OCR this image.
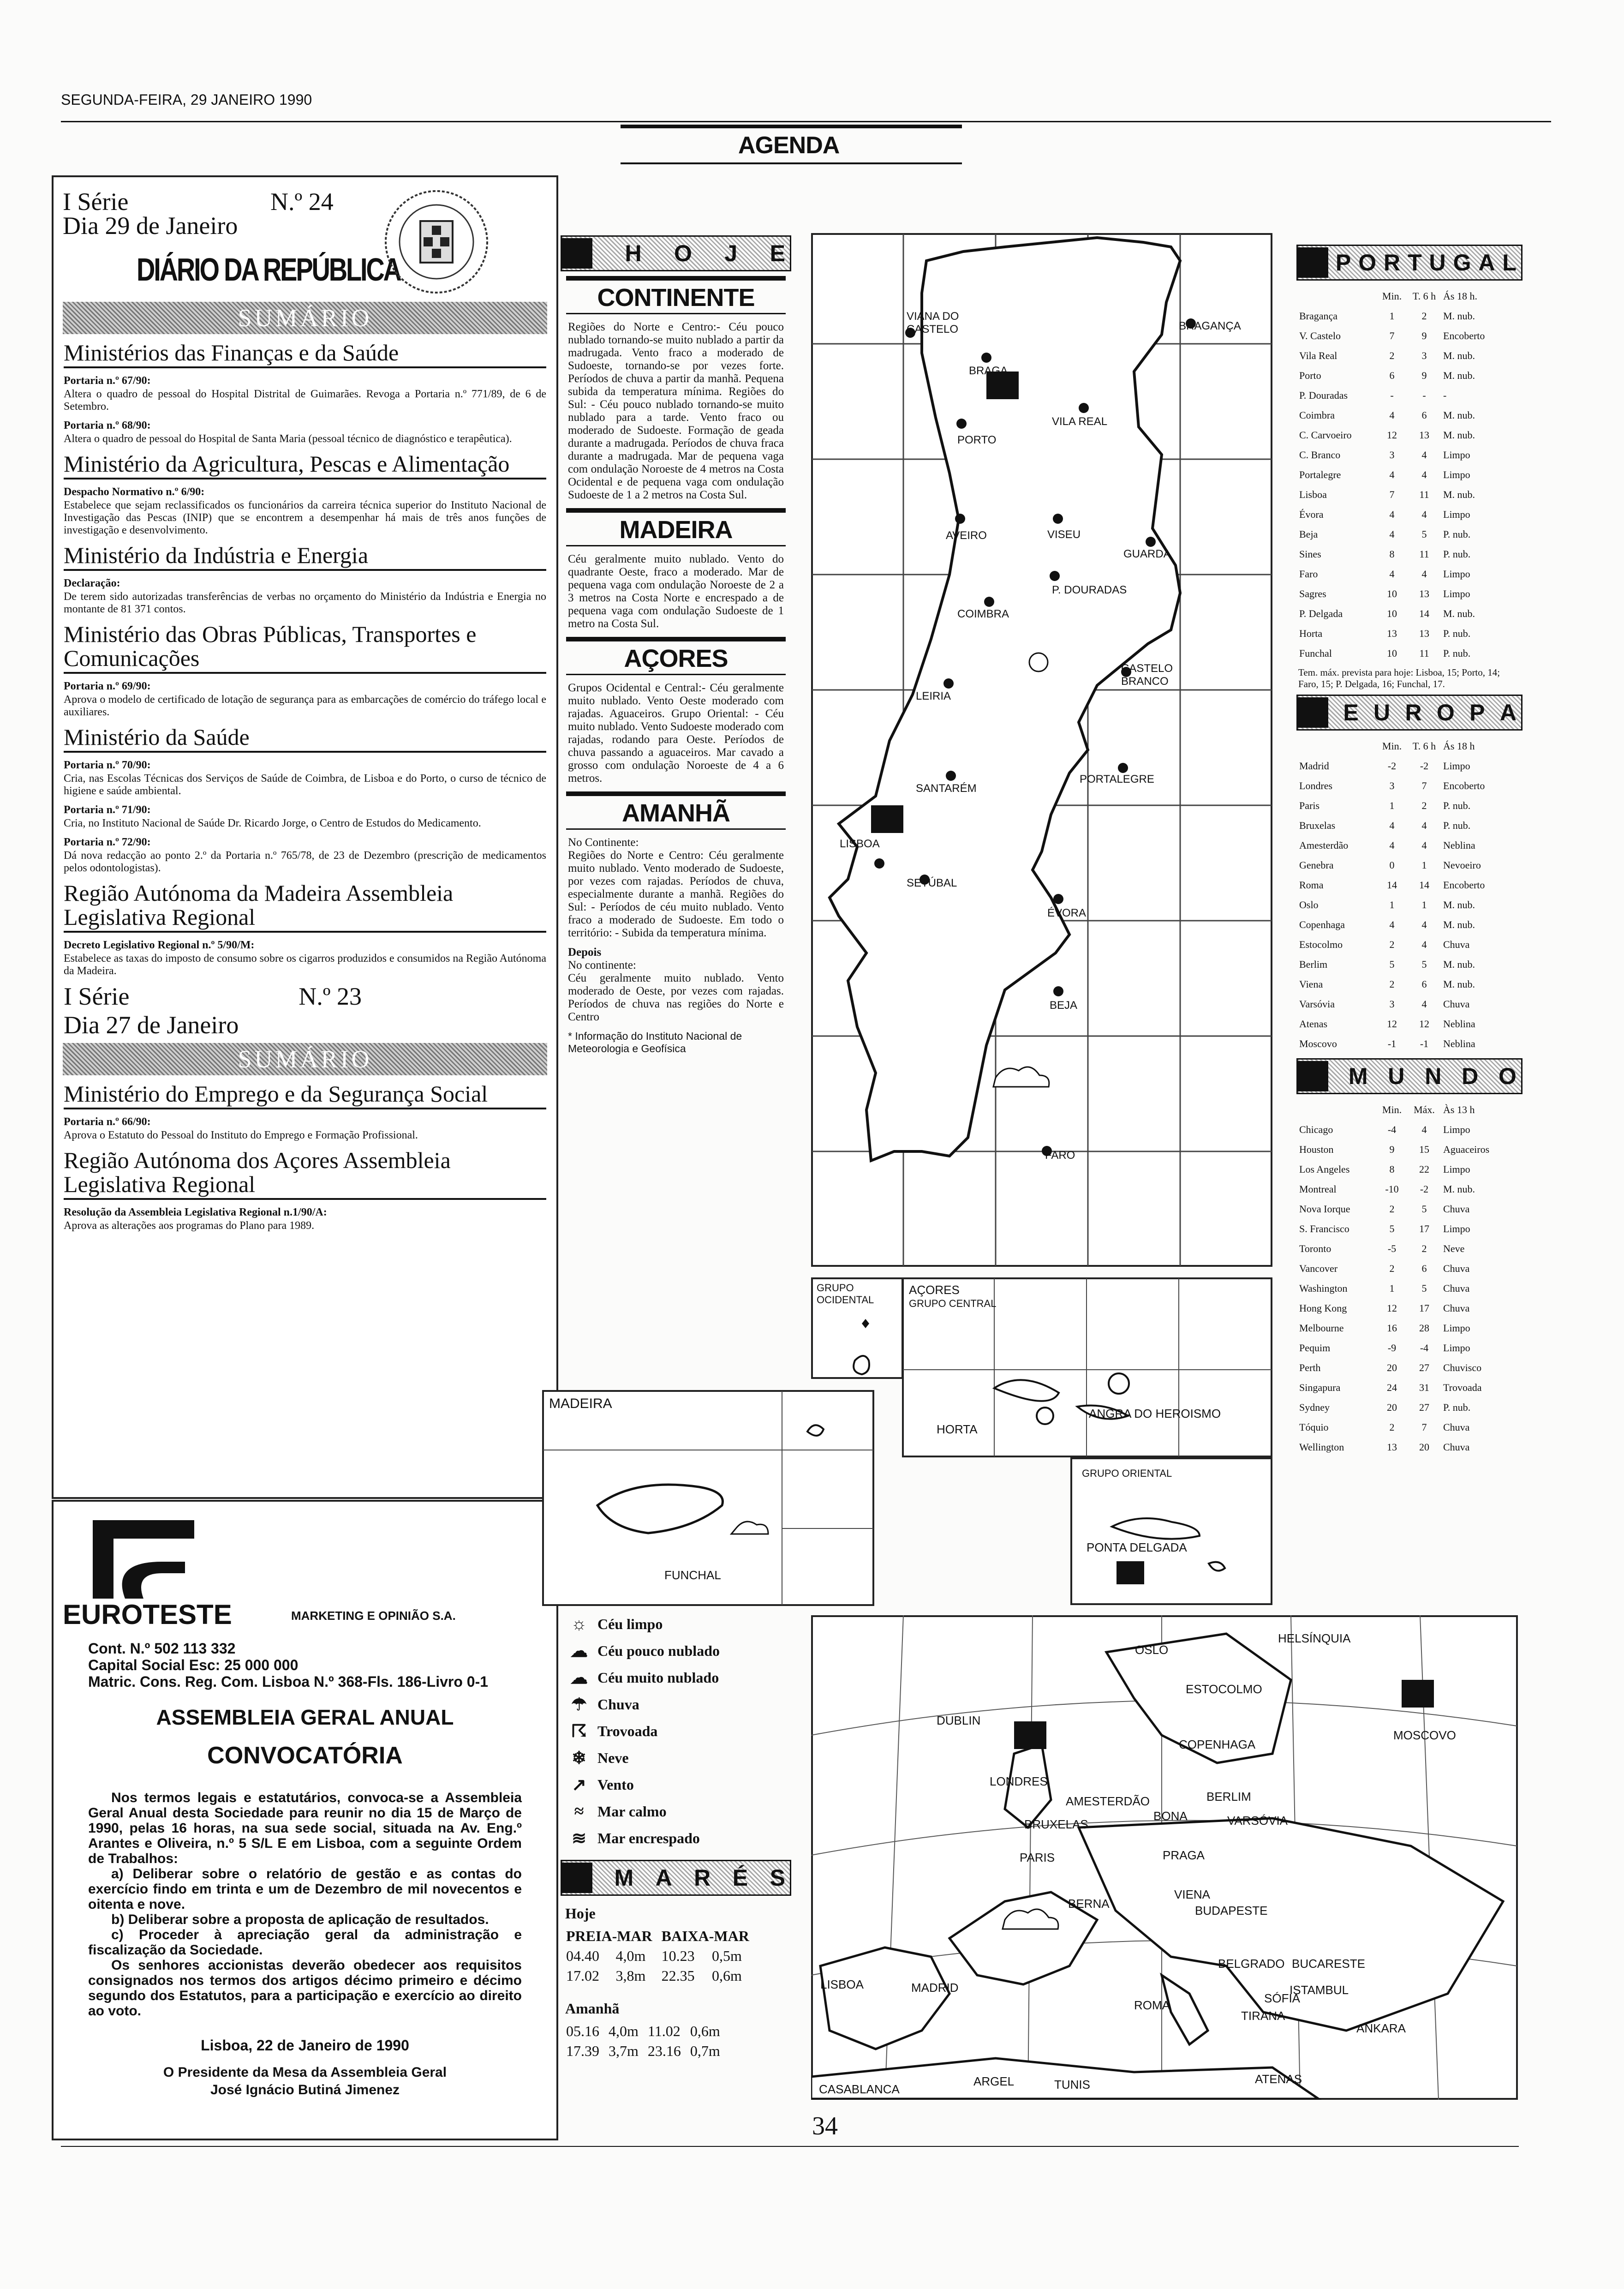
SEGUNDA-FEIRA, 29 JANEIRO 1990
AGENDA
I Série	N.º 24
Dia 29 de Janeiro
DIÁRIO DA REPÚBLICA
SUMÁRIO
Ministérios das Finanças e da Saúde
Portaria n.º 67/90:
Altera o quadro de pessoal do Hospital Distrital de Guimarães. Revoga a Portaria n.º 771/89, de 6 de Setembro.
Portaria n.º 68/90:
Altera o quadro de pessoal do Hospital de Santa Maria (pessoal técnico de diagnóstico e terapêutica).
Ministério da Agricultura, Pescas e Alimentação
Despacho Normativo n.º 6/90:
Estabelece que sejam reclassificados os funcionários da carreira técnica superior do Instituto Nacional de Investigação das Pescas (INIP) que se encontrem a desempenhar há mais de três anos funções de investigação e desenvolvimento.
Ministério da Indústria e Energia
Declaração:
De terem sido autorizadas transferências de verbas no orçamento do Ministério da Indústria e Energia no montante de 81 371 contos.
Ministério das Obras Públicas, Transportes e Comunicações
Portaria n.º 69/90:
Aprova o modelo de certificado de lotação de segurança para as embarcações de comércio do tráfego local e auxiliares.
Ministério da Saúde
Portaria n.º 70/90:
Cria, nas Escolas Técnicas dos Serviços de Saúde de Coimbra, de Lisboa e do Porto, o curso de técnico de higiene e saúde ambiental.
Portaria n.º 71/90:
Cria, no Instituto Nacional de Saúde Dr. Ricardo Jorge, o Centro de Estudos do Medicamento.
Portaria n.º 72/90:
Dá nova redacção ao ponto 2.º da Portaria n.º 765/78, de 23 de Dezembro (prescrição de medicamentos pelos odontologistas).
Região Autónoma da Madeira Assembleia Legislativa Regional
Decreto Legislativo Regional n.º 5/90/M:
Estabelece as taxas do imposto de consumo sobre os cigarros produzidos e consumidos na Região Autónoma da Madeira.
I Série	N.º 23
Dia 27 de Janeiro
SUMÁRIO
Ministério do Emprego e da Segurança Social
Portaria n.º 66/90:
Aprova o Estatuto do Pessoal do Instituto do Emprego e Formação Profissional.
Região Autónoma dos Açores Assembleia Legislativa Regional
Resolução da Assembleia Legislativa Regional n.1/90/A:
Aprova as alterações aos programas do Plano para 1989.
EUROTESTE	MARKETING E OPINIÃO S.A.
Cont. N.º 502 113 332
Capital Social Esc: 25 000 000
Matric. Cons. Reg. Com. Lisboa N.º 368-Fls. 186-Livro 0-1
ASSEMBLEIA GERAL ANUAL
CONVOCATÓRIA
Nos termos legais e estatutários, convoca-se a Assembleia Geral Anual desta Sociedade para reunir no dia 15 de Março de 1990, pelas 16 horas, na sua sede social, situada na Av. Eng.º Arantes e Oliveira, n.º 5 S/L E em Lisboa, com a seguinte Ordem de Trabalhos:
a) Deliberar sobre o relatório de gestão e as contas do exercício findo em trinta e um de Dezembro de mil novecentos e oitenta e nove.
b) Deliberar sobre a proposta de aplicação de resultados.
c) Proceder à apreciação geral da administração e fiscalização da Sociedade.
Os senhores accionistas deverão obedecer aos requisitos consignados nos termos dos artigos décimo primeiro e décimo segundo dos Estatutos, para a participação e exercício ao direito ao voto.
Lisboa, 22 de Janeiro de 1990
O Presidente da Mesa da Assembleia Geral
José Ignácio Butiná Jimenez
H O J E
CONTINENTE
Regiões do Norte e Centro:- Céu pouco nublado tornando-se muito nublado a partir da madrugada. Vento fraco a moderado de Sudoeste, tornando-se por vezes forte. Períodos de chuva a partir da manhã. Pequena subida da temperatura mínima. Regiões do Sul: - Céu pouco nublado tornando-se muito nublado para a tarde. Vento fraco ou moderado de Sudoeste. Formação de geada durante a madrugada. Períodos de chuva fraca durante a madrugada. Mar de pequena vaga com ondulação Noroeste de 4 metros na Costa Ocidental e de pequena vaga com ondulação Sudoeste de 1 a 2 metros na Costa Sul.
MADEIRA
Céu geralmente muito nublado. Vento do quadrante Oeste, fraco a moderado. Mar de pequena vaga com ondulação Noroeste de 2 a 3 metros na Costa Norte e encrespado a de pequena vaga com ondulação Sudoeste de 1 metro na Costa Sul.
AÇORES
Grupos Ocidental e Central:- Céu geralmente muito nublado. Vento Oeste moderado com rajadas. Aguaceiros. Grupo Oriental: - Céu muito nublado. Vento Sudoeste moderado com rajadas, rodando para Oeste. Períodos de chuva passando a aguaceiros. Mar cavado a grosso com ondulação Noroeste de 4 a 6 metros.
AMANHÃ
No Continente:
Regiões do Norte e Centro: Céu geralmente muito nublado. Vento moderado de Sudoeste, por vezes com rajadas. Períodos de chuva, especialmente durante a manhã. Regiões do Sul: - Períodos de céu muito nublado. Vento fraco a moderado de Sudoeste. Em todo o território: - Subida da temperatura mínima.
Depois
No continente:
Céu geralmente muito nublado. Vento moderado de Oeste, por vezes com rajadas. Períodos de chuva nas regiões do Norte e Centro
* Informação do Instituto Nacional de Meteorologia e Geofísica
VIANA DO CASTELO
BRAGA
BRAGANÇA
VILA REAL
PORTO
AVEIRO	VISEU
GUARDA
P. DOURADAS
COIMBRA
CASTELO BRANCO
LEIRIA
SANTARÉM
PORTALEGRE
LISBOA
SETÚBAL
ÉVORA
BEJA
FARO
GRUPO OCIDENTAL
AÇORES
GRUPO CENTRAL
HORTA
ANGRA DO HEROISMO
GRUPO ORIENTAL
PONTA DELGADA
MADEIRA
FUNCHAL
☼ Céu limpo
☁ Céu pouco nublado
☁ Céu muito nublado
☂ Chuva
☈ Trovoada
❄ Neve
↗ Vento
≈ Mar calmo
≋ Mar encrespado
M A R É S
Hoje
PREIA-MAR		BAIXA-MAR	
04.40	4,0m	10.23	0,5m
17.02	3,8m	22.35	0,6m
Amanhã
05.16	4,0m	11.02	0,6m
17.39	3,7m	23.16	0,7m
OSLO
HELSÍNQUIA
ESTOCOLMO
DUBLIN
COPENHAGA
MOSCOVO
LONDRES
AMESTERDÃO	BERLIM
BRUXELAS
BONA	VARSÓVIA
PARIS	PRAGA
VIENA
BERNA	BUDAPESTE
BELGRADO BUCARESTE
LISBOA	MADRID
ROMA	SÓFIA
ISTAMBUL
TIRANA
ANKARA
ATENAS
CASABLANCA
ARGEL	TUNIS
P O R T U G A L
	Min.	T. 6 h	Ás 18 h.
Bragança	1	2	M. nub.
V. Castelo	7	9	Encoberto
Vila Real	2	3	M. nub.
Porto	6	9	M. nub.
P. Douradas	-	-	-
Coimbra	4	6	M. nub.
C. Carvoeiro	12	13	M. nub.
C. Branco	3	4	Limpo
Portalegre	4	4	Limpo
Lisboa	7	11	M. nub.
Évora	4	4	Limpo
Beja	4	5	P. nub.
Sines	8	11	P. nub.
Faro	4	4	Limpo
Sagres	10	13	Limpo
P. Delgada	10	14	M. nub.
Horta	13	13	P. nub.
Funchal	10	11	P. nub.
Tem. máx. prevista para hoje: Lisboa, 15; Porto, 14; Faro, 15; P. Delgada, 16; Funchal, 17.
E U R O P A
	Min.	T. 6 h	Ás 18 h
Madrid	-2	-2	Limpo
Londres	3	7	Encoberto
Paris	1	2	P. nub.
Bruxelas	4	4	P. nub.
Amesterdão	4	4	Neblina
Genebra	0	1	Nevoeiro
Roma	14	14	Encoberto
Oslo	1	1	M. nub.
Copenhaga	4	4	M. nub.
Estocolmo	2	4	Chuva
Berlim	5	5	M. nub.
Viena	2	6	M. nub.
Varsóvia	3	4	Chuva
Atenas	12	12	Neblina
Moscovo	-1	-1	Neblina
M U N D O
	Min.	Máx.	Às 13 h
Chicago	-4	4	Limpo
Houston	9	15	Aguaceiros
Los Angeles	8	22	Limpo
Montreal	-10	-2	M. nub.
Nova Iorque	2	5	Chuva
S. Francisco	5	17	Limpo
Toronto	-5	2	Neve
Vancover	2	6	Chuva
Washington	1	5	Chuva
Hong Kong	12	17	Chuva
Melbourne	16	28	Limpo
Pequim	-9	-4	Limpo
Perth	20	27	Chuvisco
Singapura	24	31	Trovoada
Sydney	20	27	P. nub.
Tóquio	2	7	Chuva
Wellington	13	20	Chuva
34
